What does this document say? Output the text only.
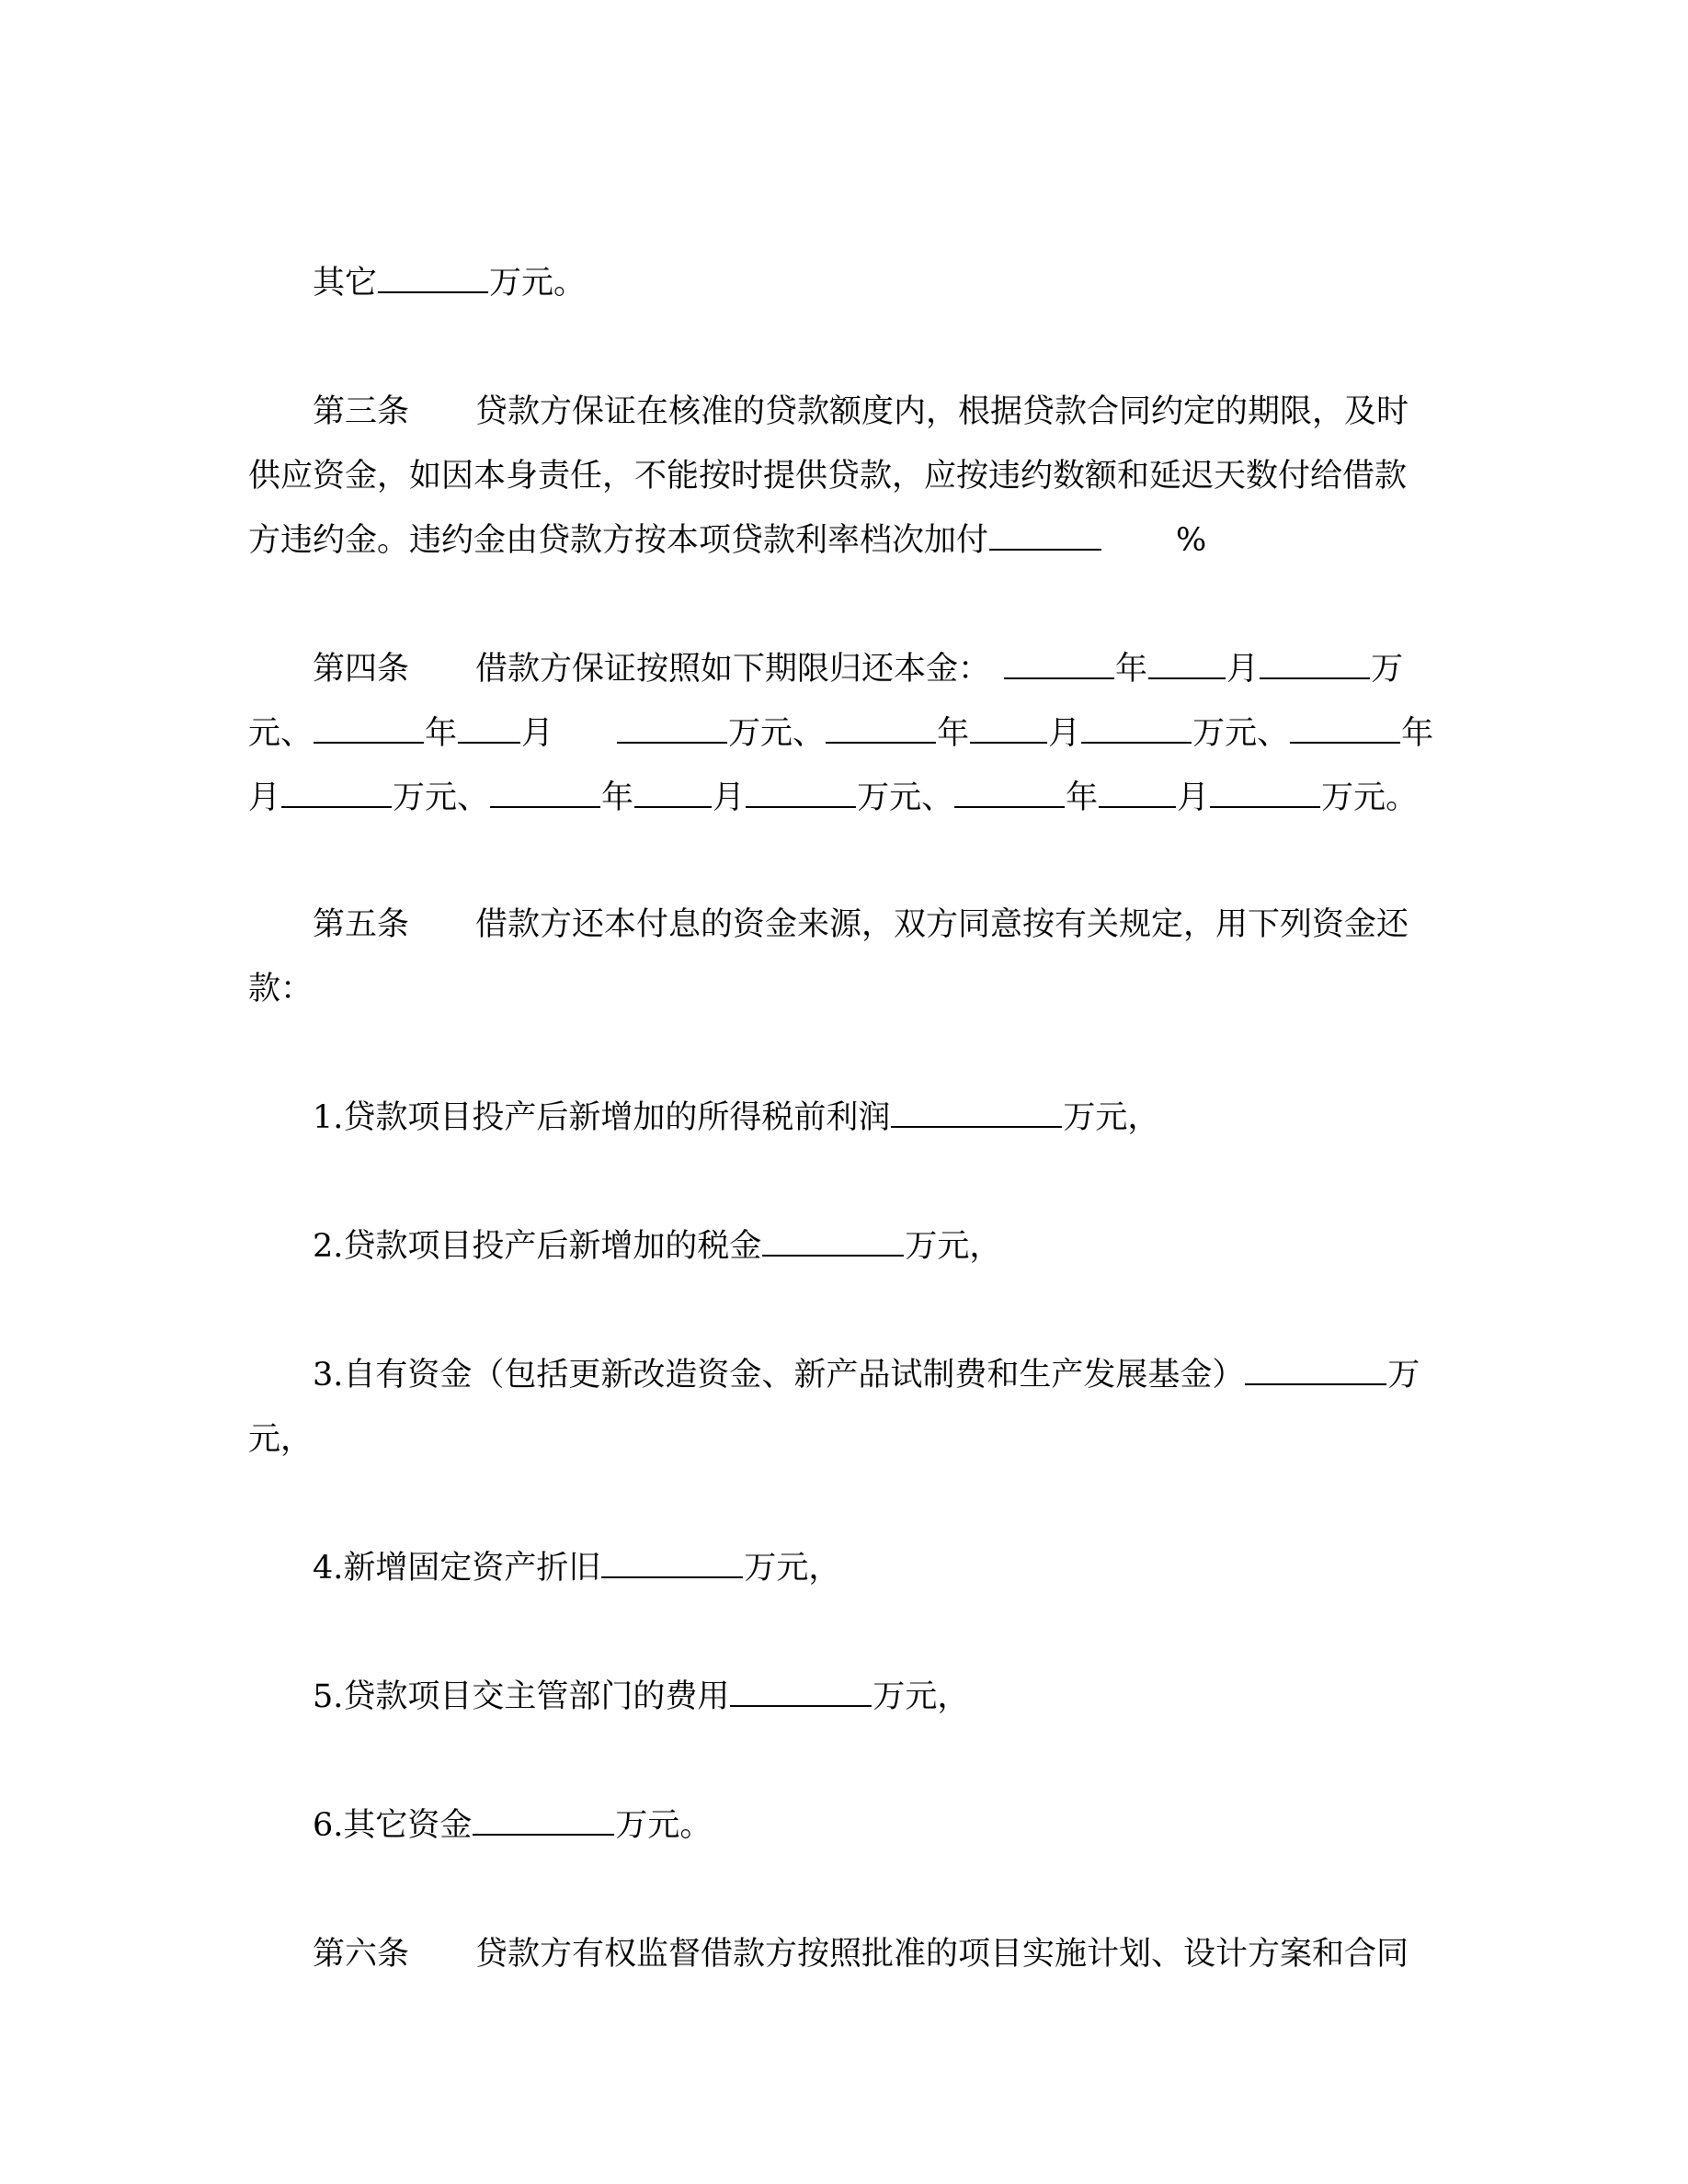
其它	万元。
第三条 贷款方保证在核准的贷款额度内，根据贷款合同约定的期限，及时
供应资金，如因本身责任，不能按时提供贷款，应按违约数额和延迟天数付给借款
方违约金。违约金由贷款方按本项贷款利率档次加付	%
第四条 借款方保证按照如下期限归还本金：	年 月	万
元、	年 月	万元、	年 月	万元、	年
月	万元、	年 月	万元、	年 月	万元。
第五条 借款方还本付息的资金来源，双方同意按有关规定，用下列资金还
款：
1.贷款项目投产后新增加的所得税前利润	万元，
2.贷款项目投产后新增加的税金	万元，
3.自有资金（包括更新改造资金、新产品试制费和生产发展基金）	万
元，
4.新增固定资产折旧	万元，
5.贷款项目交主管部门的费用	万元，
6.其它资金	万元。
第六条 贷款方有权监督借款方按照批准的项目实施计划、设计方案和合同
